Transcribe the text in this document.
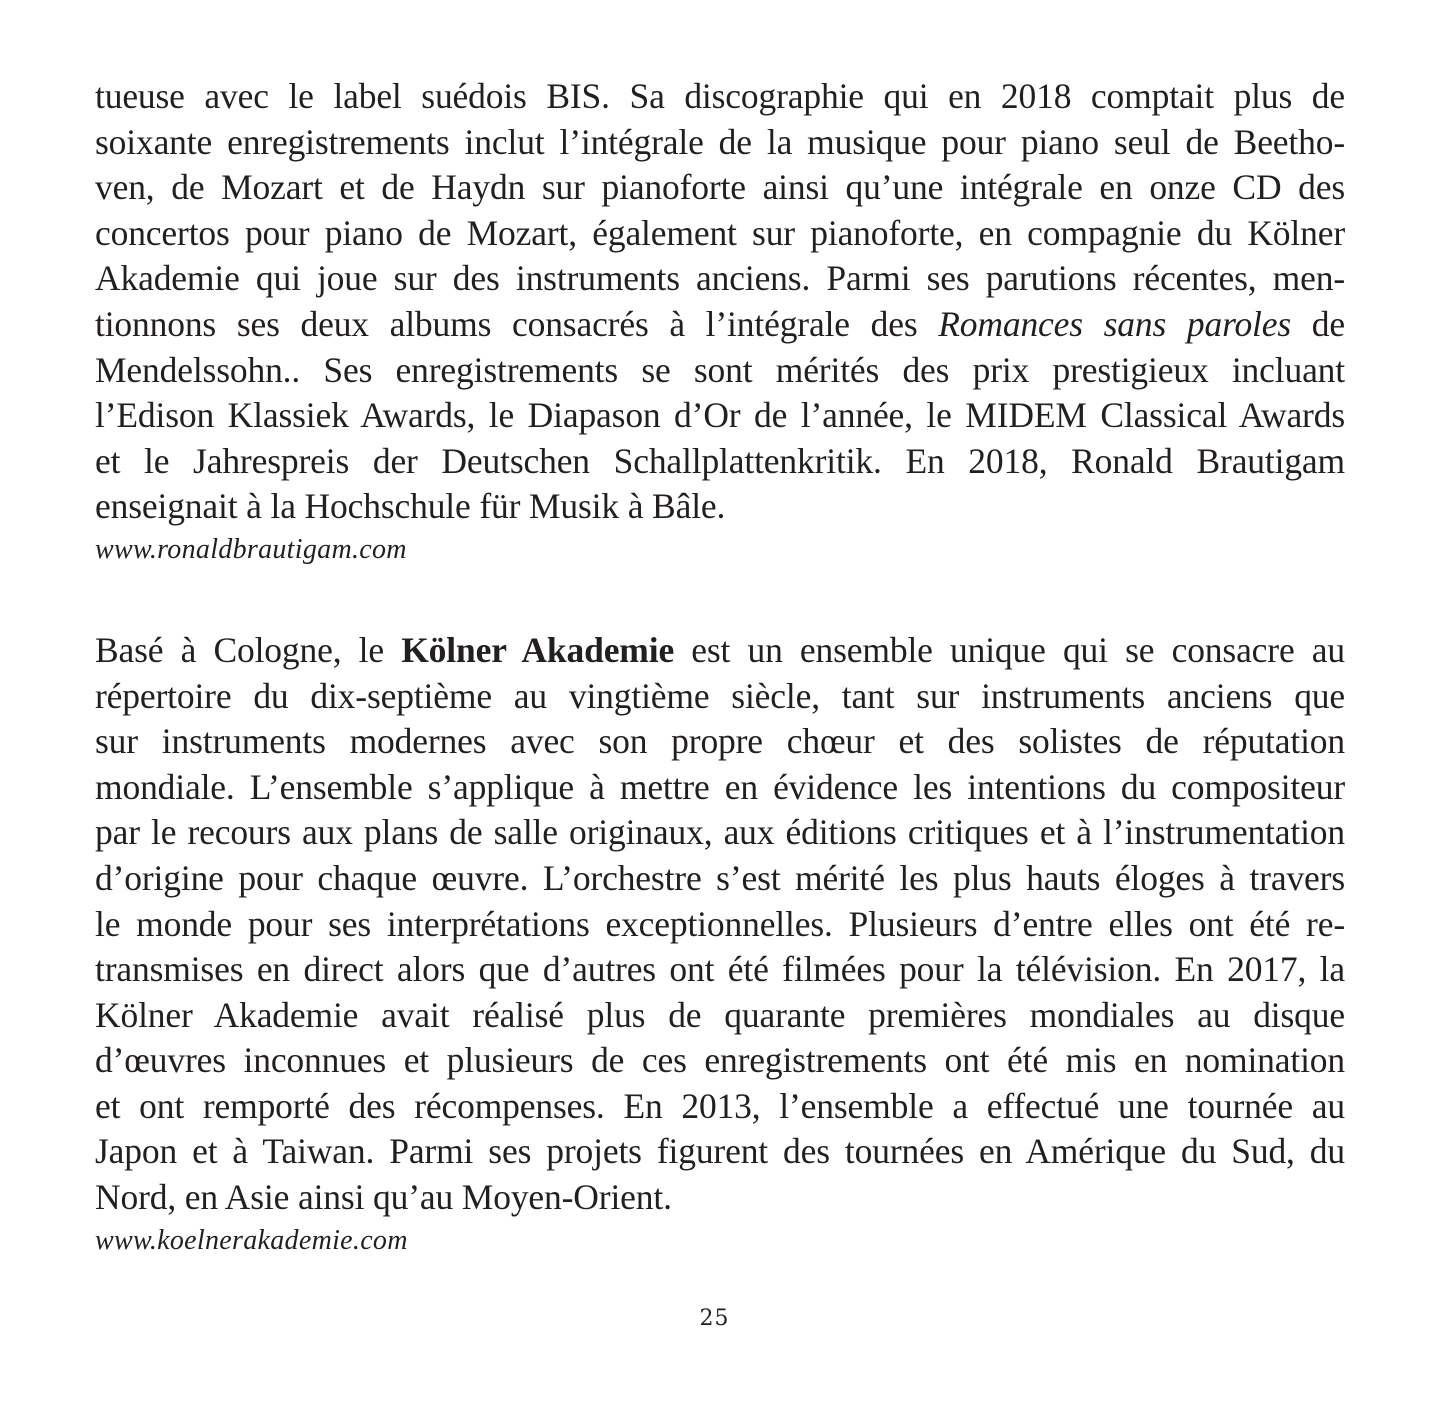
tueuse avec le label suédois BIS. Sa discographie qui en 2018 comptait plus de
soixante enregistrements inclut l’intégrale de la musique pour piano seul de Beetho-
ven, de Mozart et de Haydn sur pianoforte ainsi qu’une intégrale en onze CD des
concertos pour piano de Mozart, également sur pianoforte, en compagnie du Kölner
Akademie qui joue sur des instruments anciens. Parmi ses parutions récentes, men-
tionnons ses deux albums consacrés à l’intégrale des Romances sans paroles de
Mendelssohn.. Ses enregistrements se sont mérités des prix prestigieux incluant
l’Edison Klassiek Awards, le Diapason d’Or de l’année, le MIDEM Classical Awards
et le Jahrespreis der Deutschen Schallplattenkritik. En 2018, Ronald Brautigam
enseignait à la Hochschule für Musik à Bâle.
www.ronaldbrautigam.com
Basé à Cologne, le Kölner Akademie est un ensemble unique qui se consacre au
répertoire du dix-septième au vingtième siècle, tant sur instruments anciens que
sur instruments modernes avec son propre chœur et des solistes de réputation
mondiale. L’ensemble s’applique à mettre en évidence les intentions du compositeur
par le recours aux plans de salle originaux, aux éditions critiques et à l’instrumentation
d’origine pour chaque œuvre. L’orchestre s’est mérité les plus hauts éloges à travers
le monde pour ses interprétations exceptionnelles. Plusieurs d’entre elles ont été re-
transmises en direct alors que d’autres ont été filmées pour la télévision. En 2017, la
Kölner Akademie avait réalisé plus de quarante premières mondiales au disque
d’œuvres inconnues et plusieurs de ces enregistrements ont été mis en nomination
et ont remporté des récompenses. En 2013, l’ensemble a effectué une tournée au
Japon et à Taiwan. Parmi ses projets figurent des tournées en Amérique du Sud, du
Nord, en Asie ainsi qu’au Moyen-Orient.
www.koelnerakademie.com
25
